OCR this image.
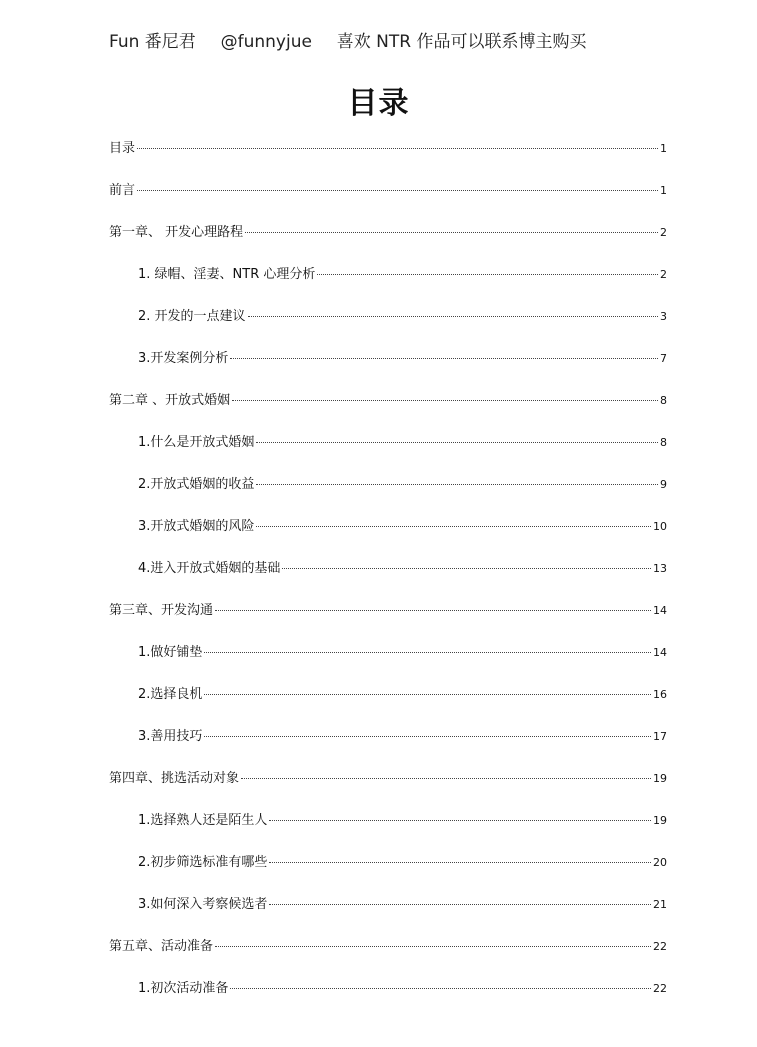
Fun 番尼君 @funnyjue 喜欢 NTR 作品可以联系博主购买
目录
目录	1
前言	1
第一章、 开发心理路程	2
1. 绿帽、淫妻、NTR 心理分析	2
2. 开发的一点建议	3
3.开发案例分析	7
第二章 、开放式婚姻	8
1.什么是开放式婚姻	8
2.开放式婚姻的收益	9
3.开放式婚姻的风险	10
4.进入开放式婚姻的基础	13
第三章、开发沟通	14
1.做好铺垫	14
2.选择良机	16
3.善用技巧	17
第四章、挑选活动对象	19
1.选择熟人还是陌生人	19
2.初步筛选标准有哪些	20
3.如何深入考察候选者	21
第五章、活动准备	22
1.初次活动准备	22
